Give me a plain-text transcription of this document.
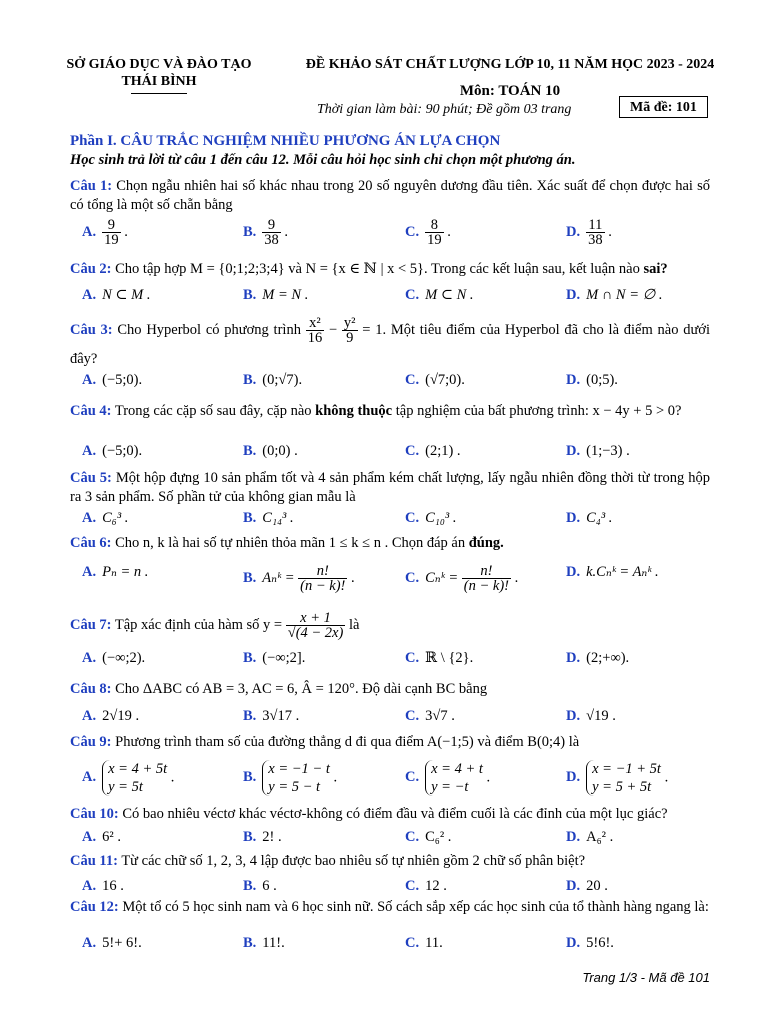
SỞ GIÁO DỤC VÀ ĐÀO TẠO
THÁI BÌNH
ĐỀ KHẢO SÁT CHẤT LƯỢNG LỚP 10, 11 NĂM HỌC 2023 - 2024
Môn: TOÁN 10
Thời gian làm bài: 90 phút; Đề gồm 03 trang	Mã đề: 101
Phần I. CÂU TRẮC NGHIỆM NHIỀU PHƯƠNG ÁN LỰA CHỌN
Học sinh trả lời từ câu 1 đến câu 12. Mỗi câu hỏi học sinh chỉ chọn một phương án.
Câu 1: Chọn ngẫu nhiên hai số khác nhau trong 20 số nguyên dương đầu tiên. Xác suất để chọn được hai số có tổng là một số chẵn bằng
A. $\frac{9}{19}$ .	B. $\frac{9}{38}$ .	C. $\frac{8}{19}$ .	D. $\frac{11}{38}$ .
Câu 2: Cho tập hợp M = {0;1;2;3;4} và N = {x ∈ ℕ | x < 5}. Trong các kết luận sau, kết luận nào sai?
A. N ⊂ M .	B. M = N .	C. M ⊂ N .	D. M ∩ N = ∅ .
Câu 3: Cho Hyperbol có phương trình $\frac{\text{x²}}{16} - \frac{\text{y²}}{9} = 1$. Một tiêu điểm của Hyperbol đã cho là điểm nào dưới đây?
A. (−5;0).	B. (0;√7).	C. (√7;0).	D. (0;5).
Câu 4: Trong các cặp số sau đây, cặp nào không thuộc tập nghiệm của bất phương trình: x − 4y + 5 > 0?
A. (−5;0).	B. (0;0) .	C. (2;1) .	D. (1;−3) .
Câu 5: Một hộp đựng 10 sản phẩm tốt và 4 sản phẩm kém chất lượng, lấy ngẫu nhiên đồng thời từ trong hộp ra 3 sản phẩm. Số phần tử của không gian mẫu là
A. C₆³ .	B. C₁₄³ .	C. C₁₀³ .	D. C₄³ .
Câu 6: Cho n, k là hai số tự nhiên thỏa mãn 1 ≤ k ≤ n . Chọn đáp án đúng.
A. Pₙ = n .	B. Aₙᵏ = $\frac{n!}{(n - k)!}$ .	C. Cₙᵏ = $\frac{n!}{(n - k)!}$ .	D. k.Cₙᵏ = Aₙᵏ .
Câu 7: Tập xác định của hàm số $y = \frac{x + 1}{√(4 - 2x)}$ là
A. (−∞;2).	B. (−∞;2].	C. ℝ \ {2}.	D. (2;+∞).
Câu 8: Cho ΔABC có AB = 3, AC = 6, Â = 120°. Độ dài cạnh BC bằng
A. 2√19 .	B. 3√17 .	C. 3√7 .	D. √19 .
Câu 9: Phương trình tham số của đường thẳng d đi qua điểm A(−1;5) và điểm B(0;4) là
A.
x = 4 + 5t
y = 5t
.	B.
x = −1 − t
y = 5 − t
.	C.
x = 4 + t
y = −t
.	D.
x = −1 + 5t
y = 5 + 5t
.
Câu 10: Có bao nhiêu véctơ khác véctơ-không có điểm đầu và điểm cuối là các đỉnh của một lục giác?
A. 6² .	B. 2! .	C. C₆² .	D. A₆² .
Câu 11: Từ các chữ số 1, 2, 3, 4 lập được bao nhiêu số tự nhiên gồm 2 chữ số phân biệt?
A. 16 .	B. 6 .	C. 12 .	D. 20 .
Câu 12: Một tổ có 5 học sinh nam và 6 học sinh nữ. Số cách sắp xếp các học sinh của tổ thành hàng ngang là:
A. 5!+ 6!.	B. 11!.	C. 11.	D. 5!6!.
Trang 1/3 - Mã đề 101
